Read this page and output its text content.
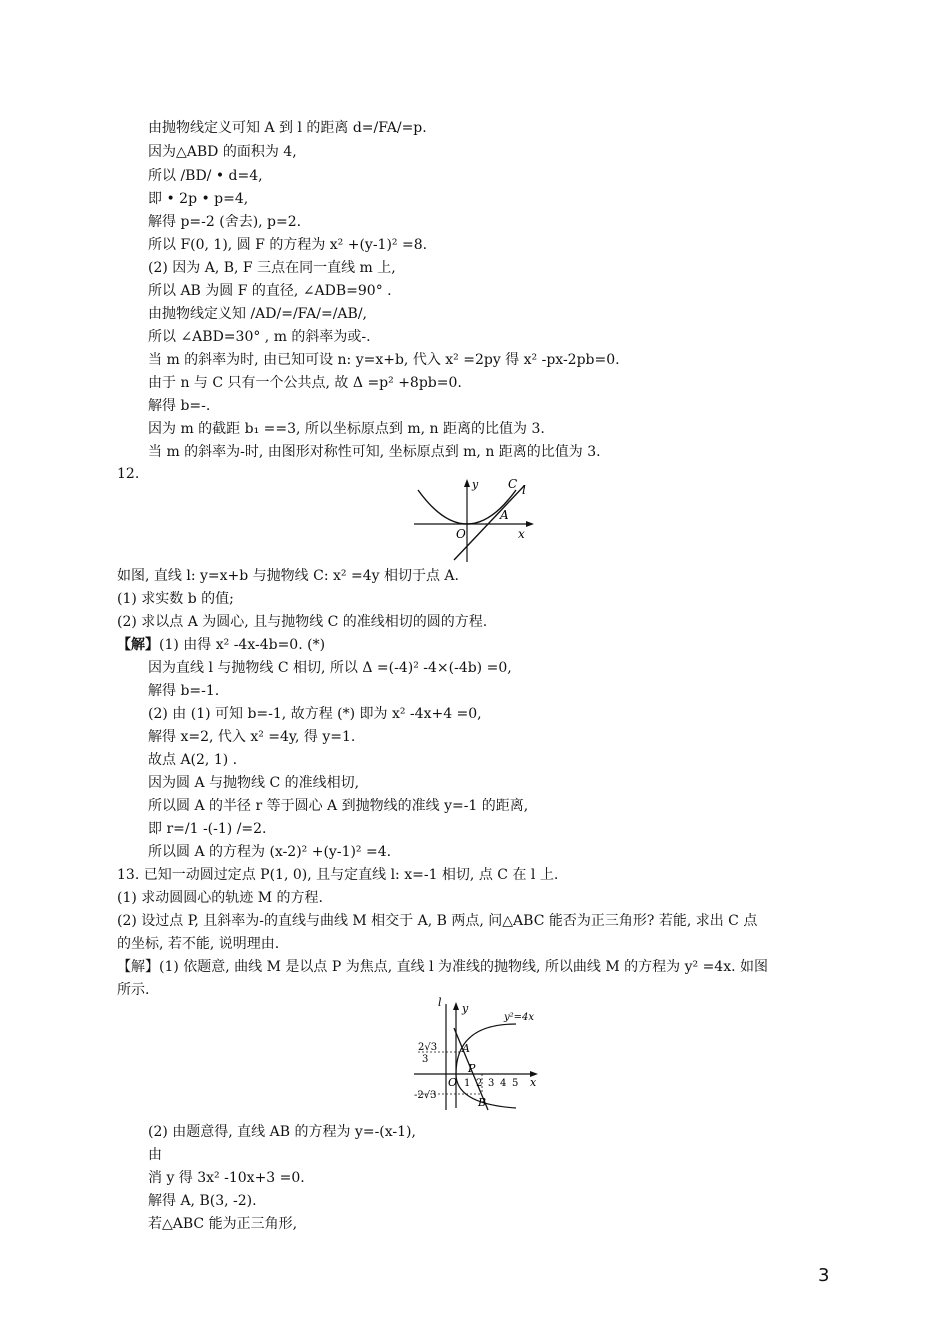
由抛物线定义可知 A 到 l 的距离 d=/FA/=p.
因为△ABD 的面积为 4,
所以 /BD/ • d=4,
即 • 2p • p=4,
解得 p=-2 (舍去), p=2.
所以 F(0, 1), 圆 F 的方程为 x² +(y-1)² =8.
(2) 因为 A, B, F 三点在同一直线 m 上,
所以 AB 为圆 F 的直径, ∠ADB=90° .
由抛物线定义知 /AD/=/FA/=/AB/,
所以 ∠ABD=30° , m 的斜率为或-.
当 m 的斜率为时, 由已知可设 n: y=x+b, 代入 x² =2py 得 x² -px-2pb=0.
由于 n 与 C 只有一个公共点, 故 Δ =p² +8pb=0.
解得 b=-.
因为 m 的截距 b₁ ==3, 所以坐标原点到 m, n 距离的比值为 3.
当 m 的斜率为-时, 由图形对称性可知, 坐标原点到 m, n 距离的比值为 3.
12.
y C l
A
O	x
如图, 直线 l: y=x+b 与抛物线 C: x² =4y 相切于点 A.
(1) 求实数 b 的值;
(2) 求以点 A 为圆心, 且与抛物线 C 的准线相切的圆的方程.
【解】(1) 由得 x² -4x-4b=0. (*)
因为直线 l 与抛物线 C 相切, 所以 Δ =(-4)² -4×(-4b) =0,
解得 b=-1.
(2) 由 (1) 可知 b=-1, 故方程 (*) 即为 x² -4x+4 =0,
解得 x=2, 代入 x² =4y, 得 y=1.
故点 A(2, 1) .
因为圆 A 与抛物线 C 的准线相切,
所以圆 A 的半径 r 等于圆心 A 到抛物线的准线 y=-1 的距离,
即 r=/1 -(-1) /=2.
所以圆 A 的方程为 (x-2)² +(y-1)² =4.
13. 已知一动圆过定点 P(1, 0), 且与定直线 l: x=-1 相切, 点 C 在 l 上.
(1) 求动圆圆心的轨迹 M 的方程.
(2) 设过点 P, 且斜率为-的直线与曲线 M 相交于 A, B 两点, 问△ABC 能否为正三角形? 若能, 求出 C 点
的坐标, 若不能, 说明理由.
【解】(1) 依题意, 曲线 M 是以点 P 为焦点, 直线 l 为准线的抛物线, 所以曲线 M 的方程为 y² =4x. 如图
所示.
l y
y²=4x
2√3
3
-2√3
A
P
O
B
1 2 3 4 5 x
(2) 由题意得, 直线 AB 的方程为 y=-(x-1),
由
消 y 得 3x² -10x+3 =0.
解得 A, B(3, -2).
若△ABC 能为正三角形,
3
